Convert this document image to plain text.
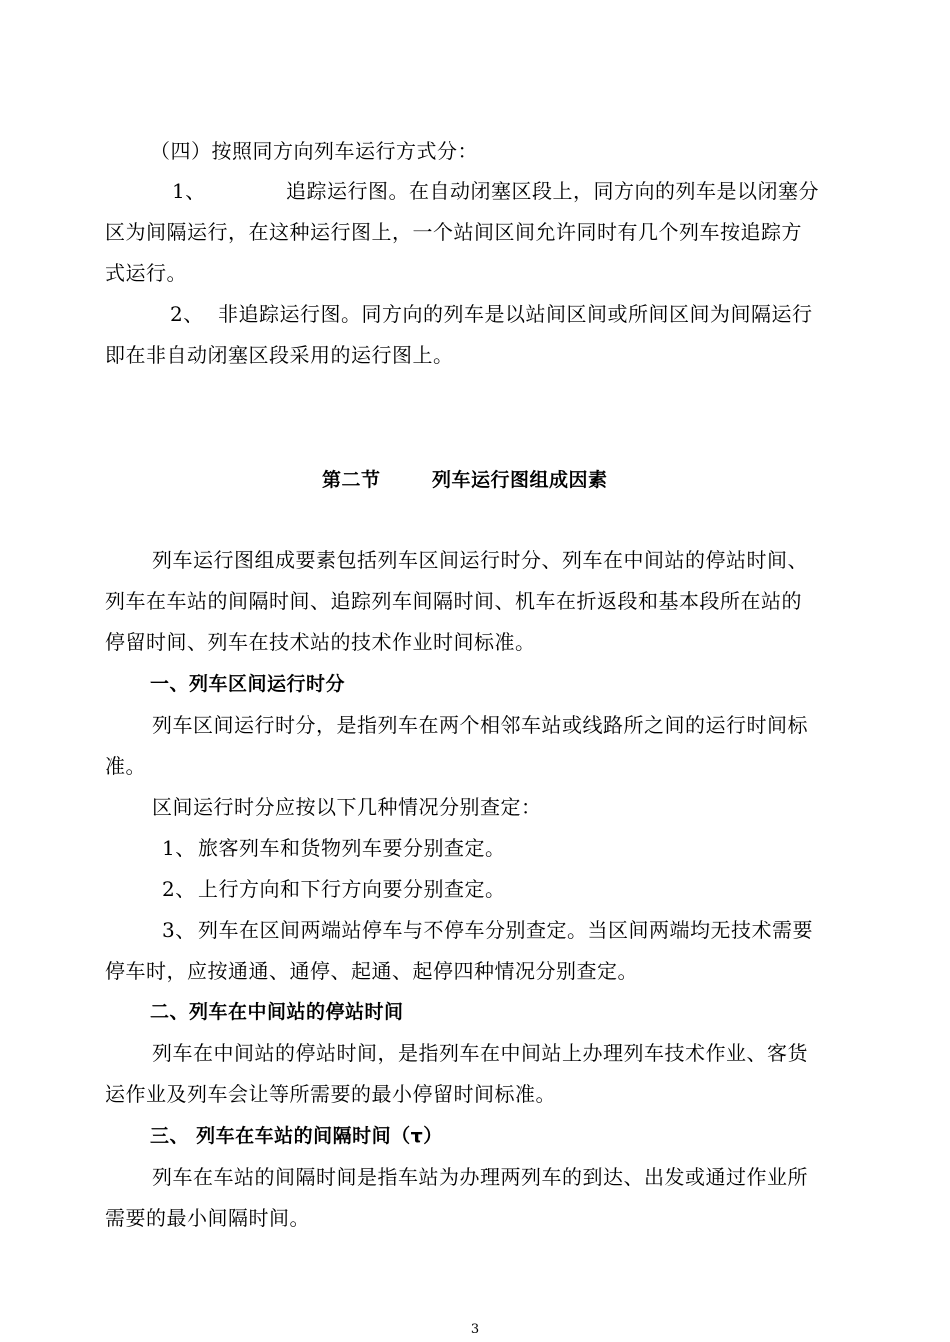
（四）按照同方向列车运行方式分：
1、	追踪运行图。在自动闭塞区段上，同方向的列车是以闭塞分
区为间隔运行，在这种运行图上，一个站间区间允许同时有几个列车按追踪方
式运行。
2、 非追踪运行图。同方向的列车是以站间区间或所间区间为间隔运行
即在非自动闭塞区段采用的运行图上。
第二节	列车运行图组成因素
列车运行图组成要素包括列车区间运行时分、列车在中间站的停站时间、
列车在车站的间隔时间、追踪列车间隔时间、机车在折返段和基本段所在站的
停留时间、列车在技术站的技术作业时间标准。
一、列车区间运行时分
列车区间运行时分，是指列车在两个相邻车站或线路所之间的运行时间标
准。
区间运行时分应按以下几种情况分别查定：
1、 旅客列车和货物列车要分别查定。
2、 上行方向和下行方向要分别查定。
3、 列车在区间两端站停车与不停车分别查定。当区间两端均无技术需要
停车时，应按通通、通停、起通、起停四种情况分别查定。
二、列车在中间站的停站时间
列车在中间站的停站时间，是指列车在中间站上办理列车技术作业、客货
运作业及列车会让等所需要的最小停留时间标准。
三、 列车在车站的间隔时间（τ）
列车在车站的间隔时间是指车站为办理两列车的到达、出发或通过作业所
需要的最小间隔时间。
3
